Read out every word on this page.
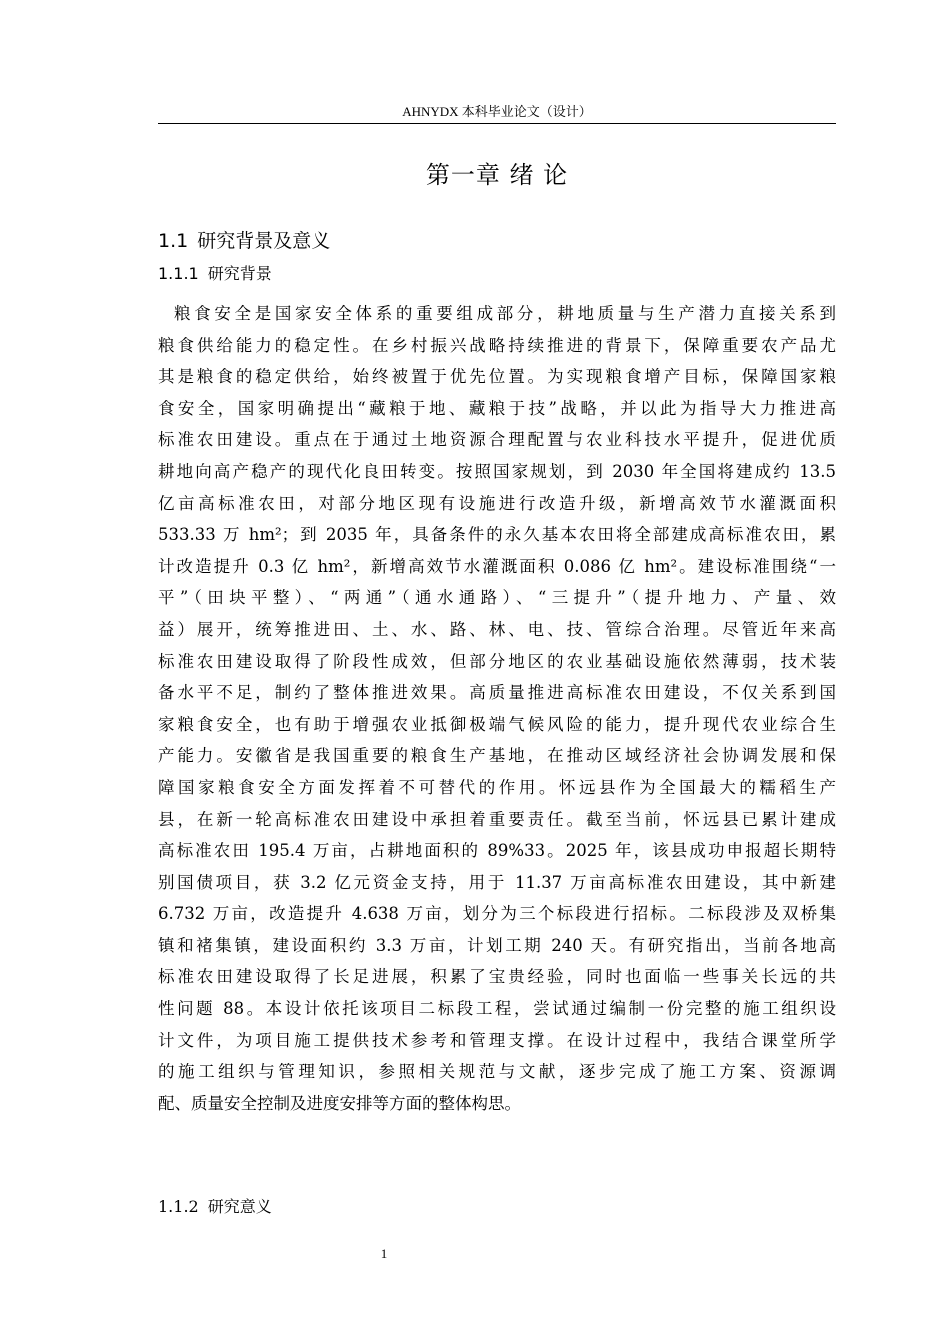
AHNYDX 本科毕业论文（设计）
第一章 绪 论
1.1 研究背景及意义
1.1.1 研究背景
粮食安全是国家安全体系的重要组成部分，耕地质量与生产潜力直接关系到
粮食供给能力的稳定性。在乡村振兴战略持续推进的背景下，保障重要农产品尤
其是粮食的稳定供给，始终被置于优先位置。为实现粮食增产目标，保障国家粮
食安全，国家明确提出“藏粮于地、藏粮于技”战略，并以此为指导大力推进高
标准农田建设。重点在于通过土地资源合理配置与农业科技水平提升，促进优质
耕地向高产稳产的现代化良田转变。按照国家规划，到 2030 年全国将建成约 13.5
亿亩高标准农田，对部分地区现有设施进行改造升级，新增高效节水灌溉面积
533.33 万 hm²；到 2035 年，具备条件的永久基本农田将全部建成高标准农田，累
计改造提升 0.3 亿 hm²，新增高效节水灌溉面积 0.086 亿 hm²。建设标准围绕“一
平”（田块平整）、“两通”（通水通路）、“三提升”（提升地力、产量、效
益）展开，统筹推进田、土、水、路、林、电、技、管综合治理。尽管近年来高
标准农田建设取得了阶段性成效，但部分地区的农业基础设施依然薄弱，技术装
备水平不足，制约了整体推进效果。高质量推进高标准农田建设，不仅关系到国
家粮食安全，也有助于增强农业抵御极端气候风险的能力，提升现代农业综合生
产能力。安徽省是我国重要的粮食生产基地，在推动区域经济社会协调发展和保
障国家粮食安全方面发挥着不可替代的作用。怀远县作为全国最大的糯稻生产
县，在新一轮高标准农田建设中承担着重要责任。截至当前，怀远县已累计建成
高标准农田 195.4 万亩，占耕地面积的 89%33。2025 年，该县成功申报超长期特
别国债项目，获 3.2 亿元资金支持，用于 11.37 万亩高标准农田建设，其中新建
6.732 万亩，改造提升 4.638 万亩，划分为三个标段进行招标。二标段涉及双桥集
镇和褚集镇，建设面积约 3.3 万亩，计划工期 240 天。有研究指出，当前各地高
标准农田建设取得了长足进展，积累了宝贵经验，同时也面临一些事关长远的共
性问题 88。本设计依托该项目二标段工程，尝试通过编制一份完整的施工组织设
计文件，为项目施工提供技术参考和管理支撑。在设计过程中，我结合课堂所学
的施工组织与管理知识，参照相关规范与文献，逐步完成了施工方案、资源调
配、质量安全控制及进度安排等方面的整体构思。
1.1.2 研究意义
1
